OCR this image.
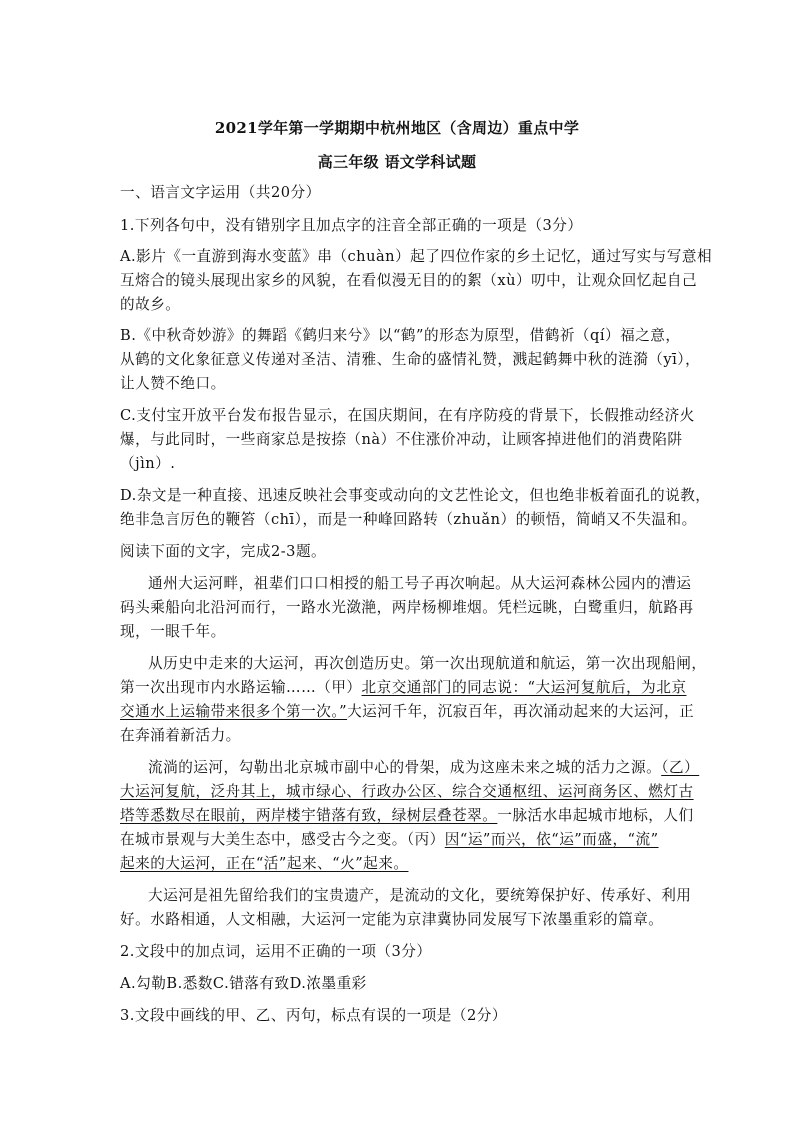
2021学年第一学期期中杭州地区（含周边）重点中学
高三年级 语文学科试题
一、语言文字运用（共20分）
1.下列各句中，没有错别字且加点字的注音全部正确的一项是（3分）
A.影片《一直游到海水变蓝》串（chuàn）起了四位作家的乡土记忆，通过写实与写意相
互熔合的镜头展现出家乡的风貌，在看似漫无目的的絮（xù）叨中，让观众回忆起自己
的故乡。
B.《中秋奇妙游》的舞蹈《鹤归来兮》以“鹤”的形态为原型，借鹤祈（qí）福之意，
从鹤的文化象征意义传递对圣洁、清雅、生命的盛情礼赞，溅起鹤舞中秋的涟漪（yī），
让人赞不绝口。
C.支付宝开放平台发布报告显示，在国庆期间，在有序防疫的背景下，长假推动经济火
爆，与此同时，一些商家总是按捺（nà）不住涨价冲动，让顾客掉进他们的消费陷阱
（jìn）.
D.杂文是一种直接、迅速反映社会事变或动向的文艺性论文，但也绝非板着面孔的说教，
绝非急言厉色的鞭笞（chī），而是一种峰回路转（zhuǎn）的顿悟，简峭又不失温和。
阅读下面的文字，完成2-3题。
通州大运河畔，祖辈们口口相授的船工号子再次响起。从大运河森林公园内的漕运
码头乘船向北沿河而行，一路水光潋滟，两岸杨柳堆烟。凭栏远眺，白鹭重归，航路再
现，一眼千年。
从历史中走来的大运河，再次创造历史。第一次出现航道和航运，第一次出现船闸，
第一次出现市内水路运输……（甲）北京交通部门的同志说：“大运河复航后，为北京
交通水上运输带来很多个第一次。”大运河千年，沉寂百年，再次涌动起来的大运河，正
在奔涌着新活力。
流淌的运河，勾勒出北京城市副中心的骨架，成为这座未来之城的活力之源。（乙）
大运河复航，泛舟其上，城市绿心、行政办公区、综合交通枢纽、运河商务区、燃灯古
塔等悉数尽在眼前，两岸楼宇错落有致，绿树层叠苍翠。一脉活水串起城市地标，人们
在城市景观与大美生态中，感受古今之变。（丙）因“运”而兴，依“运”而盛，“流”
起来的大运河，正在“活”起来、“火”起来。
大运河是祖先留给我们的宝贵遗产，是流动的文化，要统筹保护好、传承好、利用
好。水路相通，人文相融，大运河一定能为京津冀协同发展写下浓墨重彩的篇章。
2.文段中的加点词，运用不正确的一项（3分）
A.勾勒B.悉数C.错落有致D.浓墨重彩
3.文段中画线的甲、乙、丙句，标点有误的一项是（2分）
